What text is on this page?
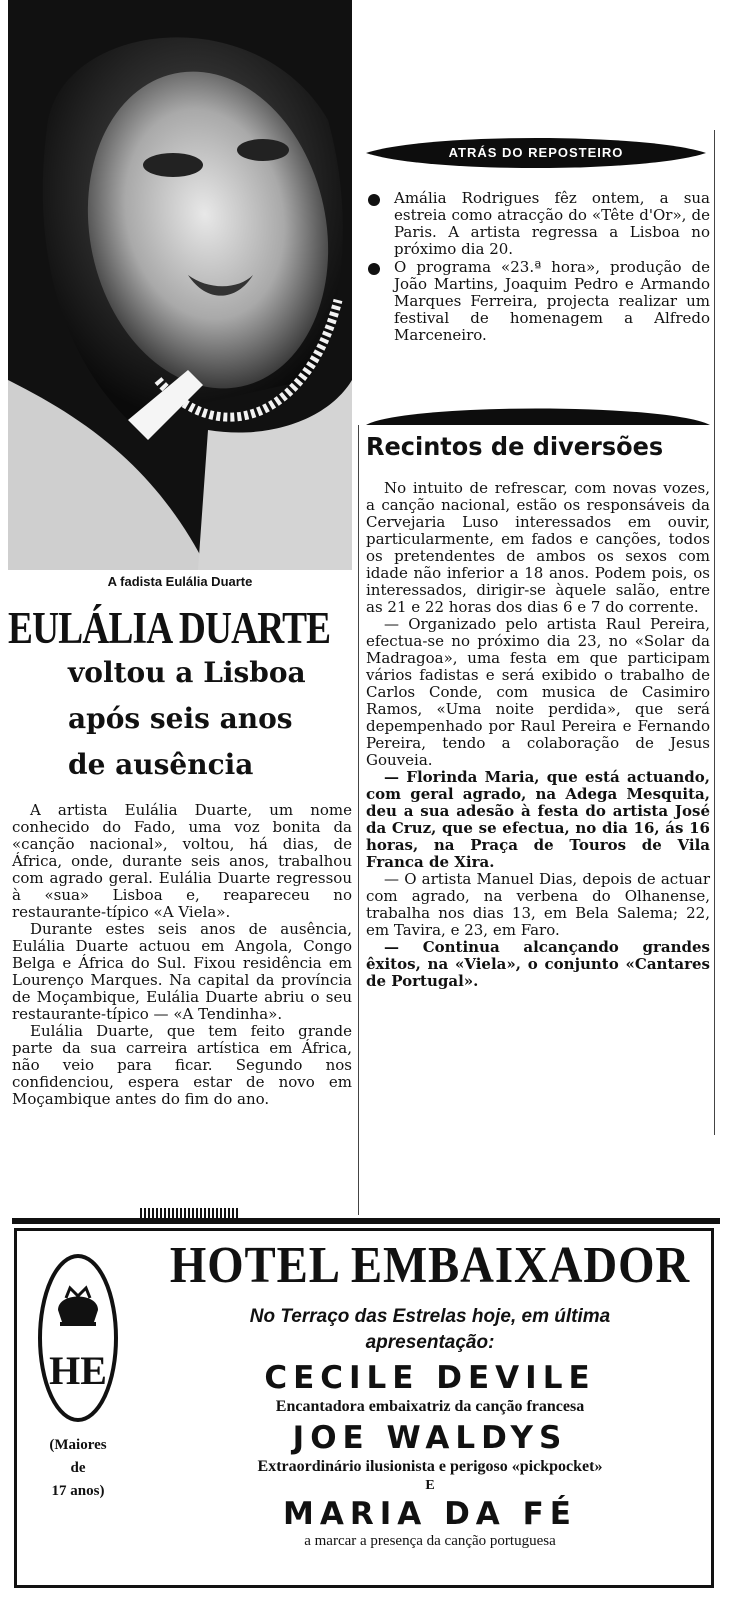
A fadista Eulália Duarte
EULÁLIA DUARTE
voltou a Lisboa
após seis anos
de ausência

A artista Eulália Duarte, um nome conhecido do Fado, uma voz bonita da «canção nacional», voltou, há dias, de África, onde, durante seis anos, trabalhou com agrado geral. Eulália Duarte regressou à «sua» Lisboa e, reapareceu no restaurante-típico «A Viela».

Durante estes seis anos de ausência, Eulália Duarte actuou em Angola, Congo Belga e África do Sul. Fixou residência em Lourenço Marques. Na capital da província de Moçambique, Eulália Duarte abriu o seu restaurante-típico — «A Tendinha».

Eulália Duarte, que tem feito grande parte da sua carreira artística em África, não veio para ficar. Segundo nos confidenciou, espera estar de novo em Moçambique antes do fim do ano.

ATRÁS DO REPOSTEIRO
Amália Rodrigues fêz ontem, a sua estreia como atracção do «Tête d'Or», de Paris. A artista regressa a Lisboa no próximo dia 20.
O programa «23.ª hora», produção de João Martins, Joaquim Pedro e Armando Marques Ferreira, projecta realizar um festival de homenagem a Alfredo Marceneiro.
Recintos de diversões

No intuito de refrescar, com novas vozes, a canção nacional, estão os responsáveis da Cervejaria Luso interessados em ouvir, particularmente, em fados e canções, todos os pretendentes de ambos os sexos com idade não inferior a 18 anos. Podem pois, os interessados, dirigir-se àquele salão, entre as 21 e 22 horas dos dias 6 e 7 do corrente.

— Organizado pelo artista Raul Pereira, efectua-se no próximo dia 23, no «Solar da Madragoa», uma festa em que participam vários fadistas e será exibido o trabalho de Carlos Conde, com musica de Casimiro Ramos, «Uma noite perdida», que será depempenhado por Raul Pereira e Fernando Pereira, tendo a colaboração de Jesus Gouveia.

— Florinda Maria, que está actuando, com geral agrado, na Adega Mesquita, deu a sua adesão à festa do artista José da Cruz, que se efectua, no dia 16, ás 16 horas, na Praça de Touros de Vila Franca de Xira.

— O artista Manuel Dias, depois de actuar com agrado, na verbena do Olhanense, trabalha nos dias 13, em Bela Salema; 22, em Tavira, e 23, em Faro.

— Continua alcançando grandes êxitos, na «Viela», o conjunto «Cantares de Portugal».

HE
(Maiores
de
17 anos)
HOTEL EMBAIXADOR
No Terraço das Estrelas hoje, em última
apresentação:
CECILE DEVILE
Encantadora embaixatriz da canção francesa
JOE WALDYS
Extraordinário ilusionista e perigoso «pickpocket»
E
MARIA DA FÉ
a marcar a presença da canção portuguesa
